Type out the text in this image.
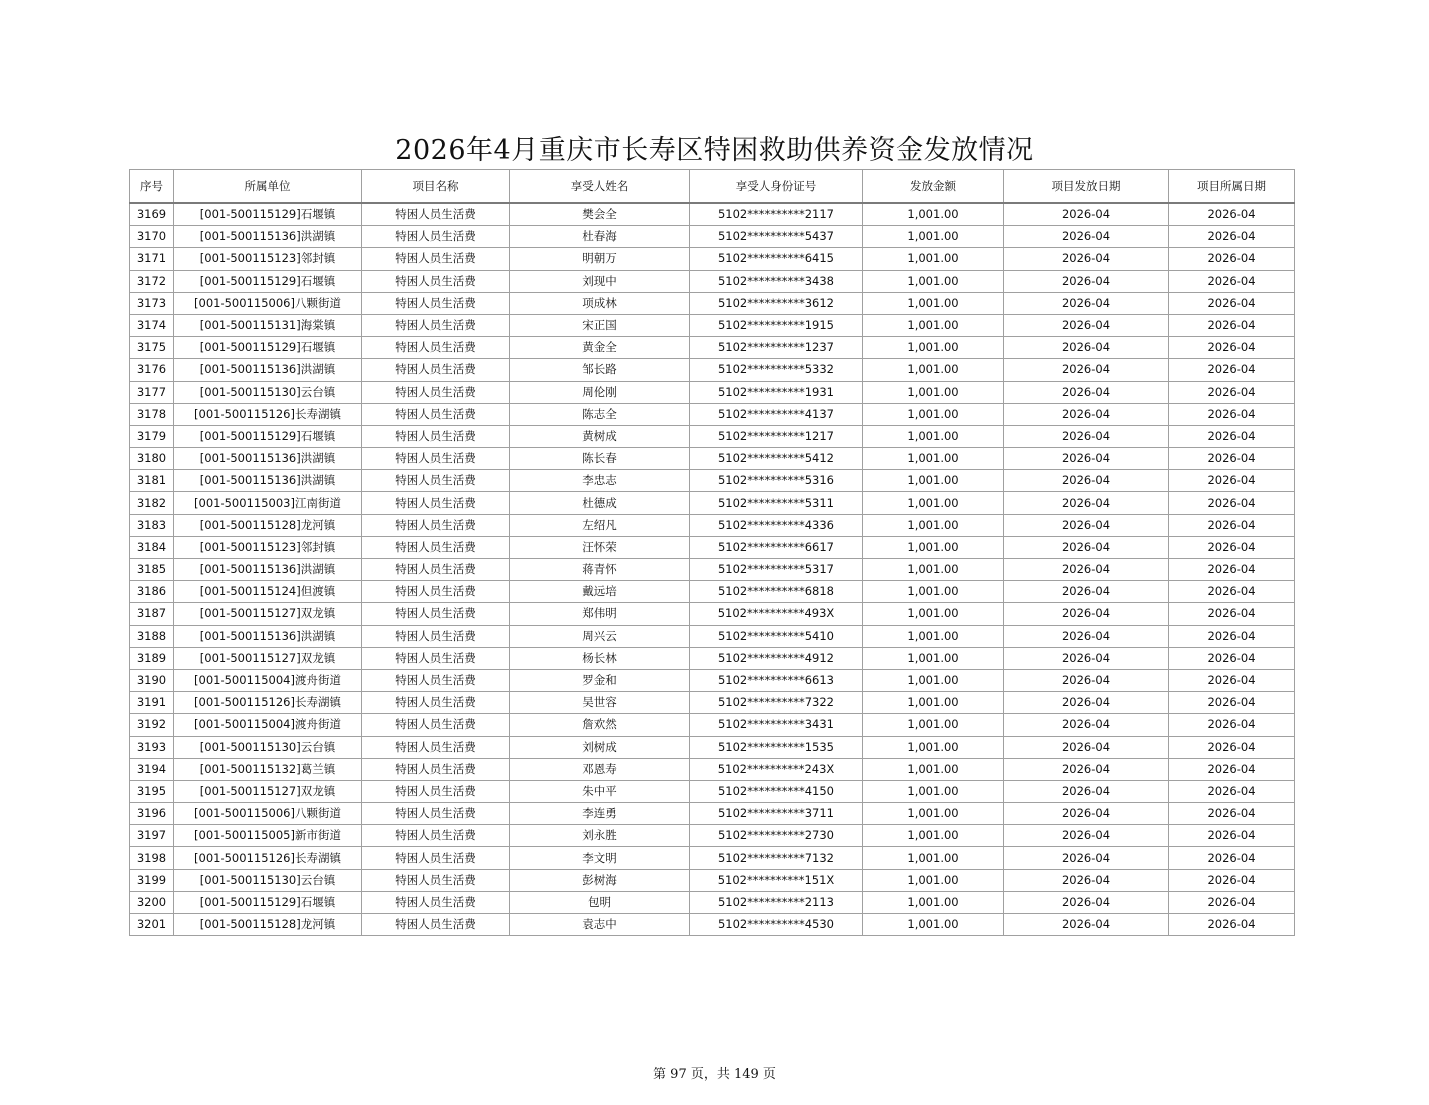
2026年4月重庆市长寿区特困救助供养资金发放情况
序号	所属单位	项目名称	享受人姓名	享受人身份证号	发放金额	项目发放日期	项目所属日期
3169	[001-500115129]石堰镇	特困人员生活费	樊会全	5102**********2117	1,001.00	2026-04	2026-04
3170	[001-500115136]洪湖镇	特困人员生活费	杜春海	5102**********5437	1,001.00	2026-04	2026-04
3171	[001-500115123]邻封镇	特困人员生活费	明朝万	5102**********6415	1,001.00	2026-04	2026-04
3172	[001-500115129]石堰镇	特困人员生活费	刘现中	5102**********3438	1,001.00	2026-04	2026-04
3173	[001-500115006]八颗街道	特困人员生活费	项成林	5102**********3612	1,001.00	2026-04	2026-04
3174	[001-500115131]海棠镇	特困人员生活费	宋正国	5102**********1915	1,001.00	2026-04	2026-04
3175	[001-500115129]石堰镇	特困人员生活费	黄金全	5102**********1237	1,001.00	2026-04	2026-04
3176	[001-500115136]洪湖镇	特困人员生活费	邹长路	5102**********5332	1,001.00	2026-04	2026-04
3177	[001-500115130]云台镇	特困人员生活费	周伦刚	5102**********1931	1,001.00	2026-04	2026-04
3178	[001-500115126]长寿湖镇	特困人员生活费	陈志全	5102**********4137	1,001.00	2026-04	2026-04
3179	[001-500115129]石堰镇	特困人员生活费	黄树成	5102**********1217	1,001.00	2026-04	2026-04
3180	[001-500115136]洪湖镇	特困人员生活费	陈长春	5102**********5412	1,001.00	2026-04	2026-04
3181	[001-500115136]洪湖镇	特困人员生活费	李忠志	5102**********5316	1,001.00	2026-04	2026-04
3182	[001-500115003]江南街道	特困人员生活费	杜德成	5102**********5311	1,001.00	2026-04	2026-04
3183	[001-500115128]龙河镇	特困人员生活费	左绍凡	5102**********4336	1,001.00	2026-04	2026-04
3184	[001-500115123]邻封镇	特困人员生活费	汪怀荣	5102**********6617	1,001.00	2026-04	2026-04
3185	[001-500115136]洪湖镇	特困人员生活费	蒋青怀	5102**********5317	1,001.00	2026-04	2026-04
3186	[001-500115124]但渡镇	特困人员生活费	戴远培	5102**********6818	1,001.00	2026-04	2026-04
3187	[001-500115127]双龙镇	特困人员生活费	郑伟明	5102**********493X	1,001.00	2026-04	2026-04
3188	[001-500115136]洪湖镇	特困人员生活费	周兴云	5102**********5410	1,001.00	2026-04	2026-04
3189	[001-500115127]双龙镇	特困人员生活费	杨长林	5102**********4912	1,001.00	2026-04	2026-04
3190	[001-500115004]渡舟街道	特困人员生活费	罗金和	5102**********6613	1,001.00	2026-04	2026-04
3191	[001-500115126]长寿湖镇	特困人员生活费	吴世容	5102**********7322	1,001.00	2026-04	2026-04
3192	[001-500115004]渡舟街道	特困人员生活费	詹欢然	5102**********3431	1,001.00	2026-04	2026-04
3193	[001-500115130]云台镇	特困人员生活费	刘树成	5102**********1535	1,001.00	2026-04	2026-04
3194	[001-500115132]葛兰镇	特困人员生活费	邓恩寿	5102**********243X	1,001.00	2026-04	2026-04
3195	[001-500115127]双龙镇	特困人员生活费	朱中平	5102**********4150	1,001.00	2026-04	2026-04
3196	[001-500115006]八颗街道	特困人员生活费	李连勇	5102**********3711	1,001.00	2026-04	2026-04
3197	[001-500115005]新市街道	特困人员生活费	刘永胜	5102**********2730	1,001.00	2026-04	2026-04
3198	[001-500115126]长寿湖镇	特困人员生活费	李文明	5102**********7132	1,001.00	2026-04	2026-04
3199	[001-500115130]云台镇	特困人员生活费	彭树海	5102**********151X	1,001.00	2026-04	2026-04
3200	[001-500115129]石堰镇	特困人员生活费	包明	5102**********2113	1,001.00	2026-04	2026-04
3201	[001-500115128]龙河镇	特困人员生活费	袁志中	5102**********4530	1,001.00	2026-04	2026-04
第 97 页，共 149 页
